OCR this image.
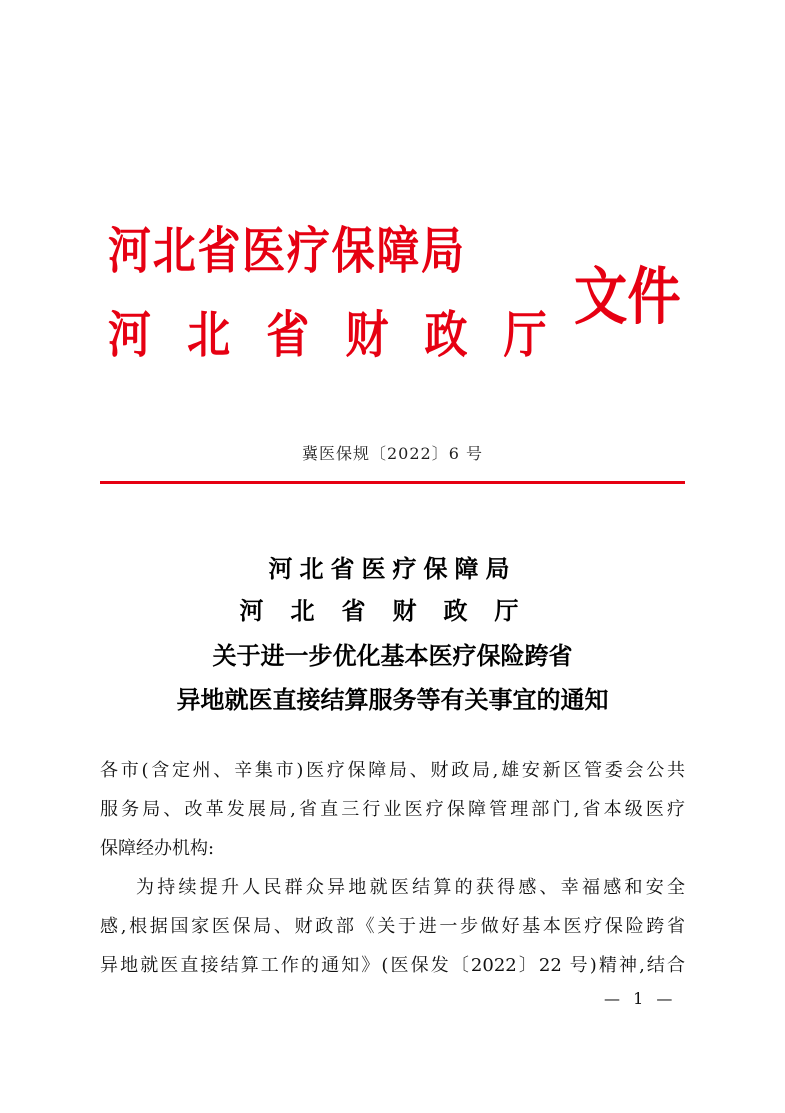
河北省医疗保障局
河北省财政厅
文件
冀医保规〔2022〕6 号
河北省医疗保障局
河北省财政厅
关于进一步优化基本医疗保险跨省
异地就医直接结算服务等有关事宜的通知
各市(含定州、辛集市)医疗保障局、财政局,雄安新区管委会公共
服务局、改革发展局,省直三行业医疗保障管理部门,省本级医疗
保障经办机构:
为持续提升人民群众异地就医结算的获得感、幸福感和安全
感,根据国家医保局、财政部《关于进一步做好基本医疗保险跨省
异地就医直接结算工作的通知》(医保发〔2022〕22 号)精神,结合
— 1 —
